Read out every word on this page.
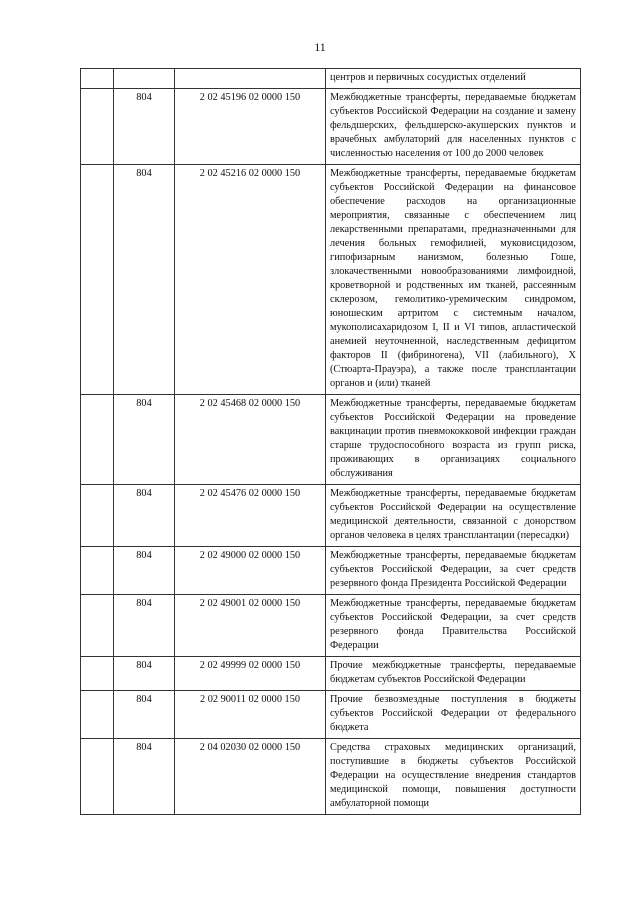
11
			центров и первичных сосудистых отделений
	804	2 02 45196 02 0000 150	Межбюджетные трансферты, передаваемые бюджетам субъектов Российской Федерации на создание и замену фельдшерских, фельдшерско-акушерских пунктов и врачебных амбулаторий для населенных пунктов с численностью населения от 100 до 2000 человек
	804	2 02 45216 02 0000 150	Межбюджетные трансферты, передаваемые бюджетам субъектов Российской Федерации на финансовое обеспечение расходов на организационные мероприятия, связанные с обеспечением лиц лекарственными препаратами, предназначенными для лечения больных гемофилией, муковисцидозом, гипофизарным нанизмом, болезнью Гоше, злокачественными новообразованиями лимфоидной, кроветворной и родственных им тканей, рассеянным склерозом, гемолитико-уремическим синдромом, юношеским артритом с системным началом, мукополисахаридозом I, II и VI типов, апластической анемией неуточненной, наследственным дефицитом факторов II (фибриногена), VII (лабильного), X (Стюарта-Прауэра), а также после трансплантации органов и (или) тканей
	804	2 02 45468 02 0000 150	Межбюджетные трансферты, передаваемые бюджетам субъектов Российской Федерации на проведение вакцинации против пневмококковой инфекции граждан старше трудоспособного возраста из групп риска, проживающих в организациях социального обслуживания
	804	2 02 45476 02 0000 150	Межбюджетные трансферты, передаваемые бюджетам субъектов Российской Федерации на осуществление медицинской деятельности, связанной с донорством органов человека в целях трансплантации (пересадки)
	804	2 02 49000 02 0000 150	Межбюджетные трансферты, передаваемые бюджетам субъектов Российской Федерации, за счет средств резервного фонда Президента Российской Федерации
	804	2 02 49001 02 0000 150	Межбюджетные трансферты, передаваемые бюджетам субъектов Российской Федерации, за счет средств резервного фонда Правительства Российской Федерации
	804	2 02 49999 02 0000 150	Прочие межбюджетные трансферты, передаваемые бюджетам субъектов Российской Федерации
	804	2 02 90011 02 0000 150	Прочие безвозмездные поступления в бюджеты субъектов Российской Федерации от федерального бюджета
	804	2 04 02030 02 0000 150	Средства страховых медицинских организаций, поступившие в бюджеты субъектов Российской Федерации на осуществление внедрения стандартов медицинской помощи, повышения доступности амбулаторной помощи
